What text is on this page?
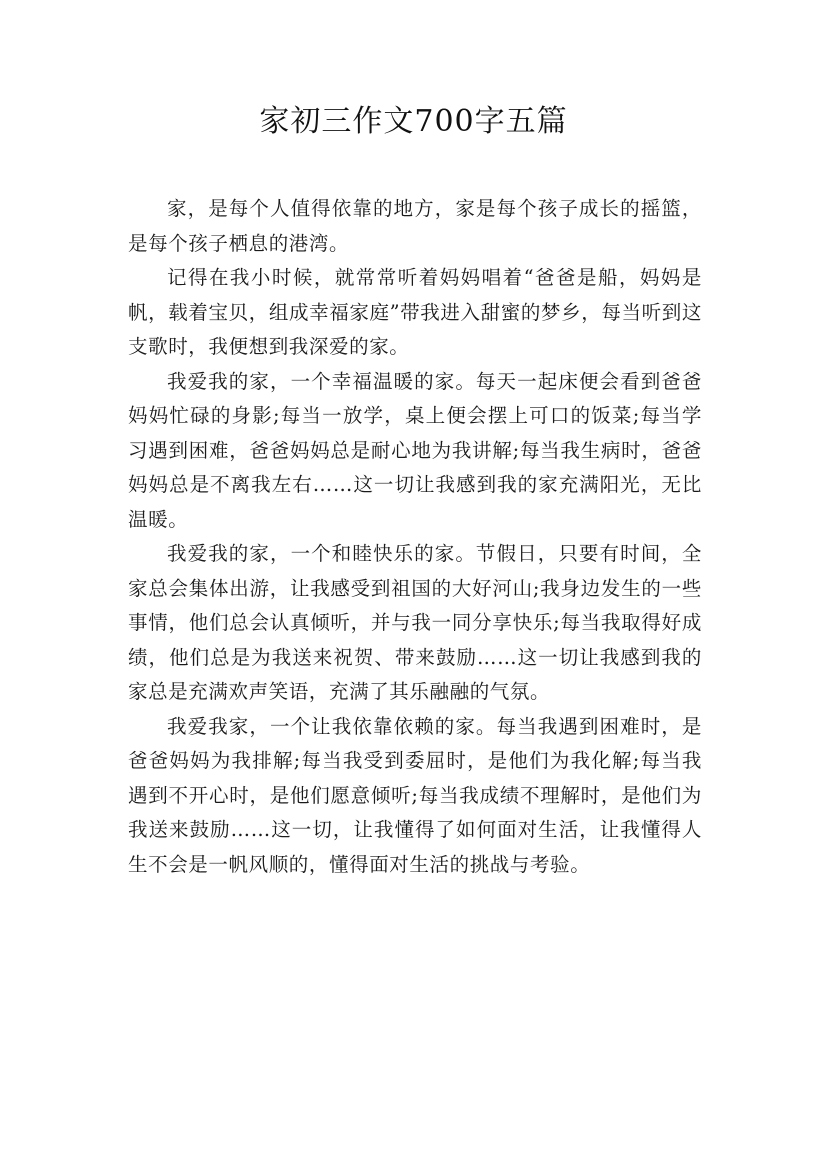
家初三作文700字五篇

家，是每个人值得依靠的地方，家是每个孩子成长的摇篮，是每个孩子栖息的港湾。

记得在我小时候，就常常听着妈妈唱着“爸爸是船，妈妈是帆，载着宝贝，组成幸福家庭”带我进入甜蜜的梦乡，每当听到这支歌时，我便想到我深爱的家。

我爱我的家，一个幸福温暖的家。每天一起床便会看到爸爸妈妈忙碌的身影;每当一放学，桌上便会摆上可口的饭菜;每当学习遇到困难，爸爸妈妈总是耐心地为我讲解;每当我生病时，爸爸妈妈总是不离我左右……这一切让我感到我的家充满阳光，无比温暖。

我爱我的家，一个和睦快乐的家。节假日，只要有时间，全家总会集体出游，让我感受到祖国的大好河山;我身边发生的一些事情，他们总会认真倾听，并与我一同分享快乐;每当我取得好成绩，他们总是为我送来祝贺、带来鼓励……这一切让我感到我的家总是充满欢声笑语，充满了其乐融融的气氛。

我爱我家，一个让我依靠依赖的家。每当我遇到困难时，是爸爸妈妈为我排解;每当我受到委屈时，是他们为我化解;每当我遇到不开心时，是他们愿意倾听;每当我成绩不理解时，是他们为我送来鼓励……这一切，让我懂得了如何面对生活，让我懂得人生不会是一帆风顺的，懂得面对生活的挑战与考验。
